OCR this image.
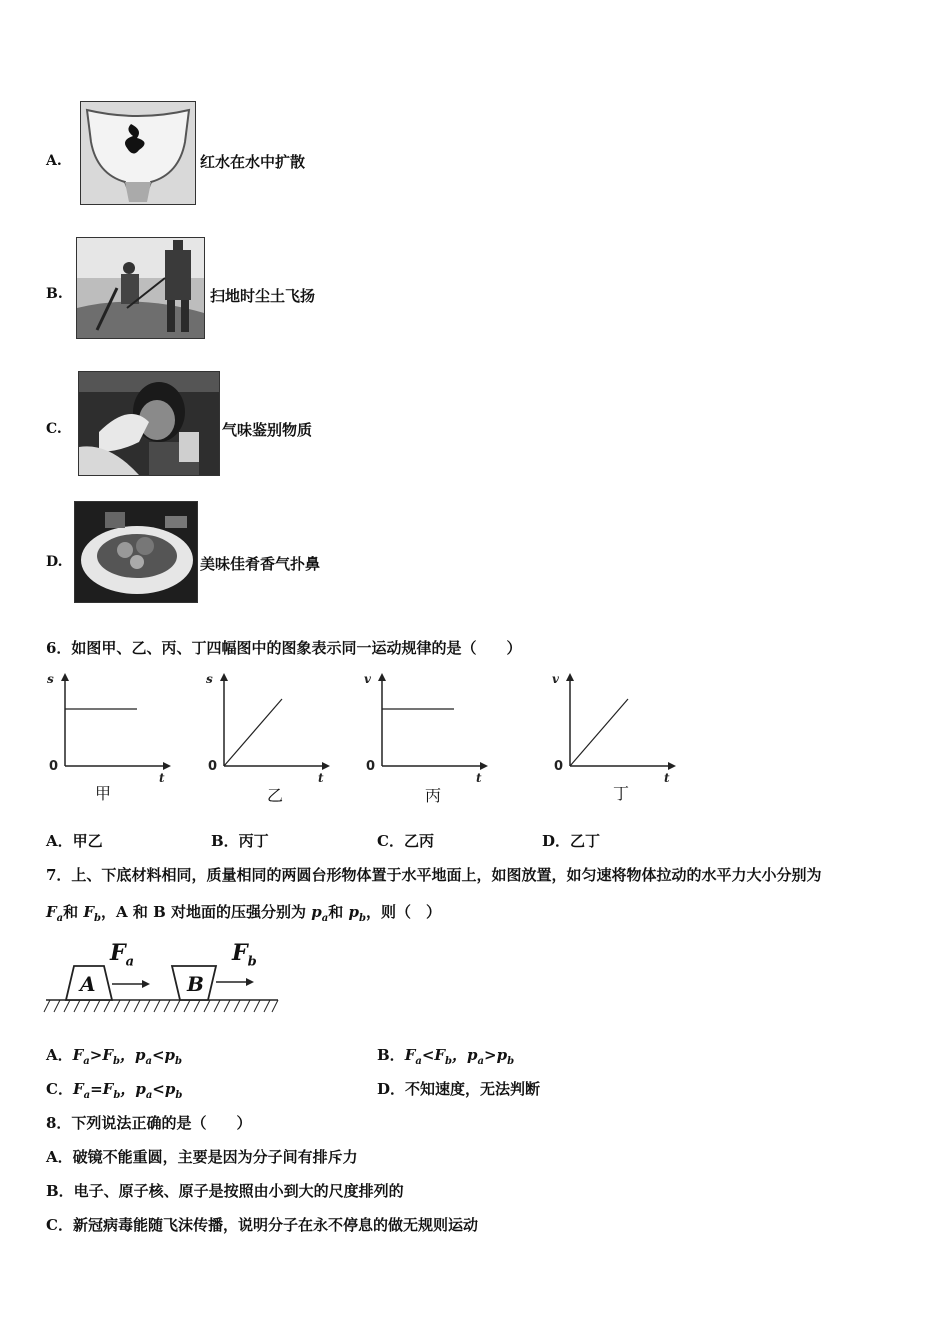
A.	红水在水中扩散
B.	扫地时尘土飞扬
C.	气味鉴别物质
D.	美味佳肴香气扑鼻
6．如图甲、乙、丙、丁四幅图中的图象表示同一运动规律的是（　　）
s
t
0
s
t
0
v
t
0
v
t
0
甲	乙	丙	丁
A．甲乙	B．丙丁	C．乙丙	D．乙丁
7．上、下底材料相同，质量相同的两圆台形物体置于水平地面上，如图放置，如匀速将物体拉动的水平力大小分别为
$F_a$和 $F_b$，A 和 B 对地面的压强分别为 $p_a$和 $p_b$，则（　）
A	B
$F_a$	$F_b$
A．$F_a>F_b$，$p_a<p_b$	B．$F_a<F_b$，$p_a>p_b$
C．$F_a=F_b$，$p_a<p_b$	D．不知速度，无法判断
8．下列说法正确的是（　　）
A．破镜不能重圆，主要是因为分子间有排斥力
B．电子、原子核、原子是按照由小到大的尺度排列的
C．新冠病毒能随飞沫传播，说明分子在永不停息的做无规则运动
